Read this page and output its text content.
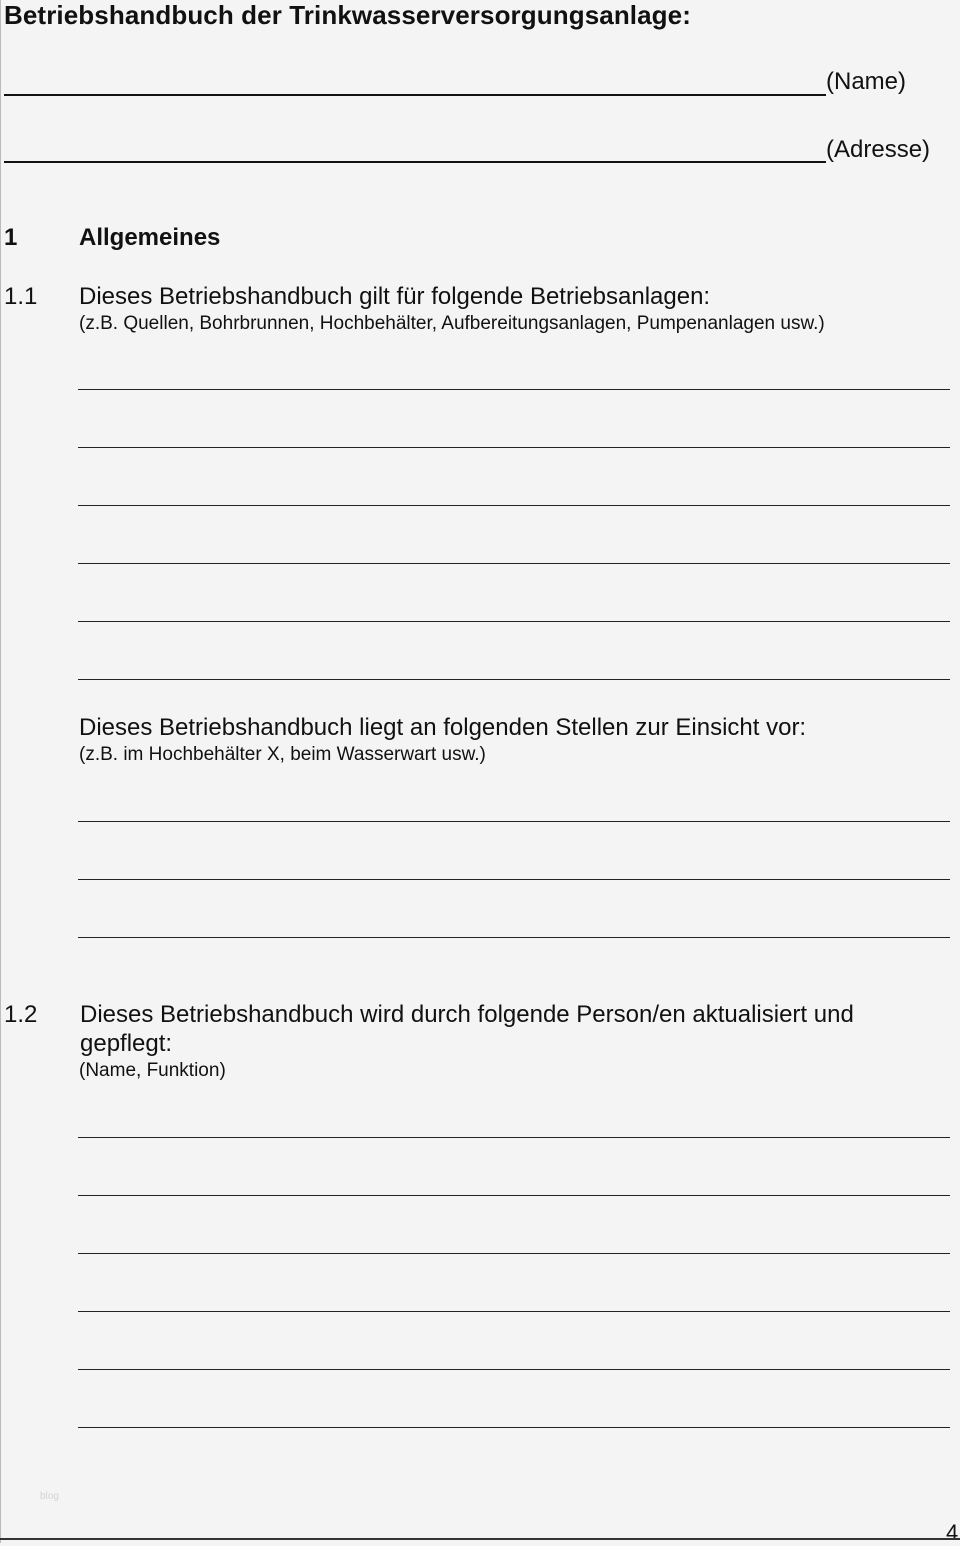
Betriebshandbuch der Trinkwasserversorgungsanlage:
(Name)
(Adresse)
1	Allgemeines
1.1 Dieses Betriebshandbuch gilt für folgende Betriebsanlagen:
(z.B. Quellen, Bohrbrunnen, Hochbehälter, Aufbereitungsanlagen, Pumpenanlagen usw.)
Dieses Betriebshandbuch liegt an folgenden Stellen zur Einsicht vor:
(z.B. im Hochbehälter X, beim Wasserwart usw.)
1.2 Dieses Betriebshandbuch wird durch folgende Person/en aktualisiert und
gepflegt:
(Name, Funktion)
blog
4
